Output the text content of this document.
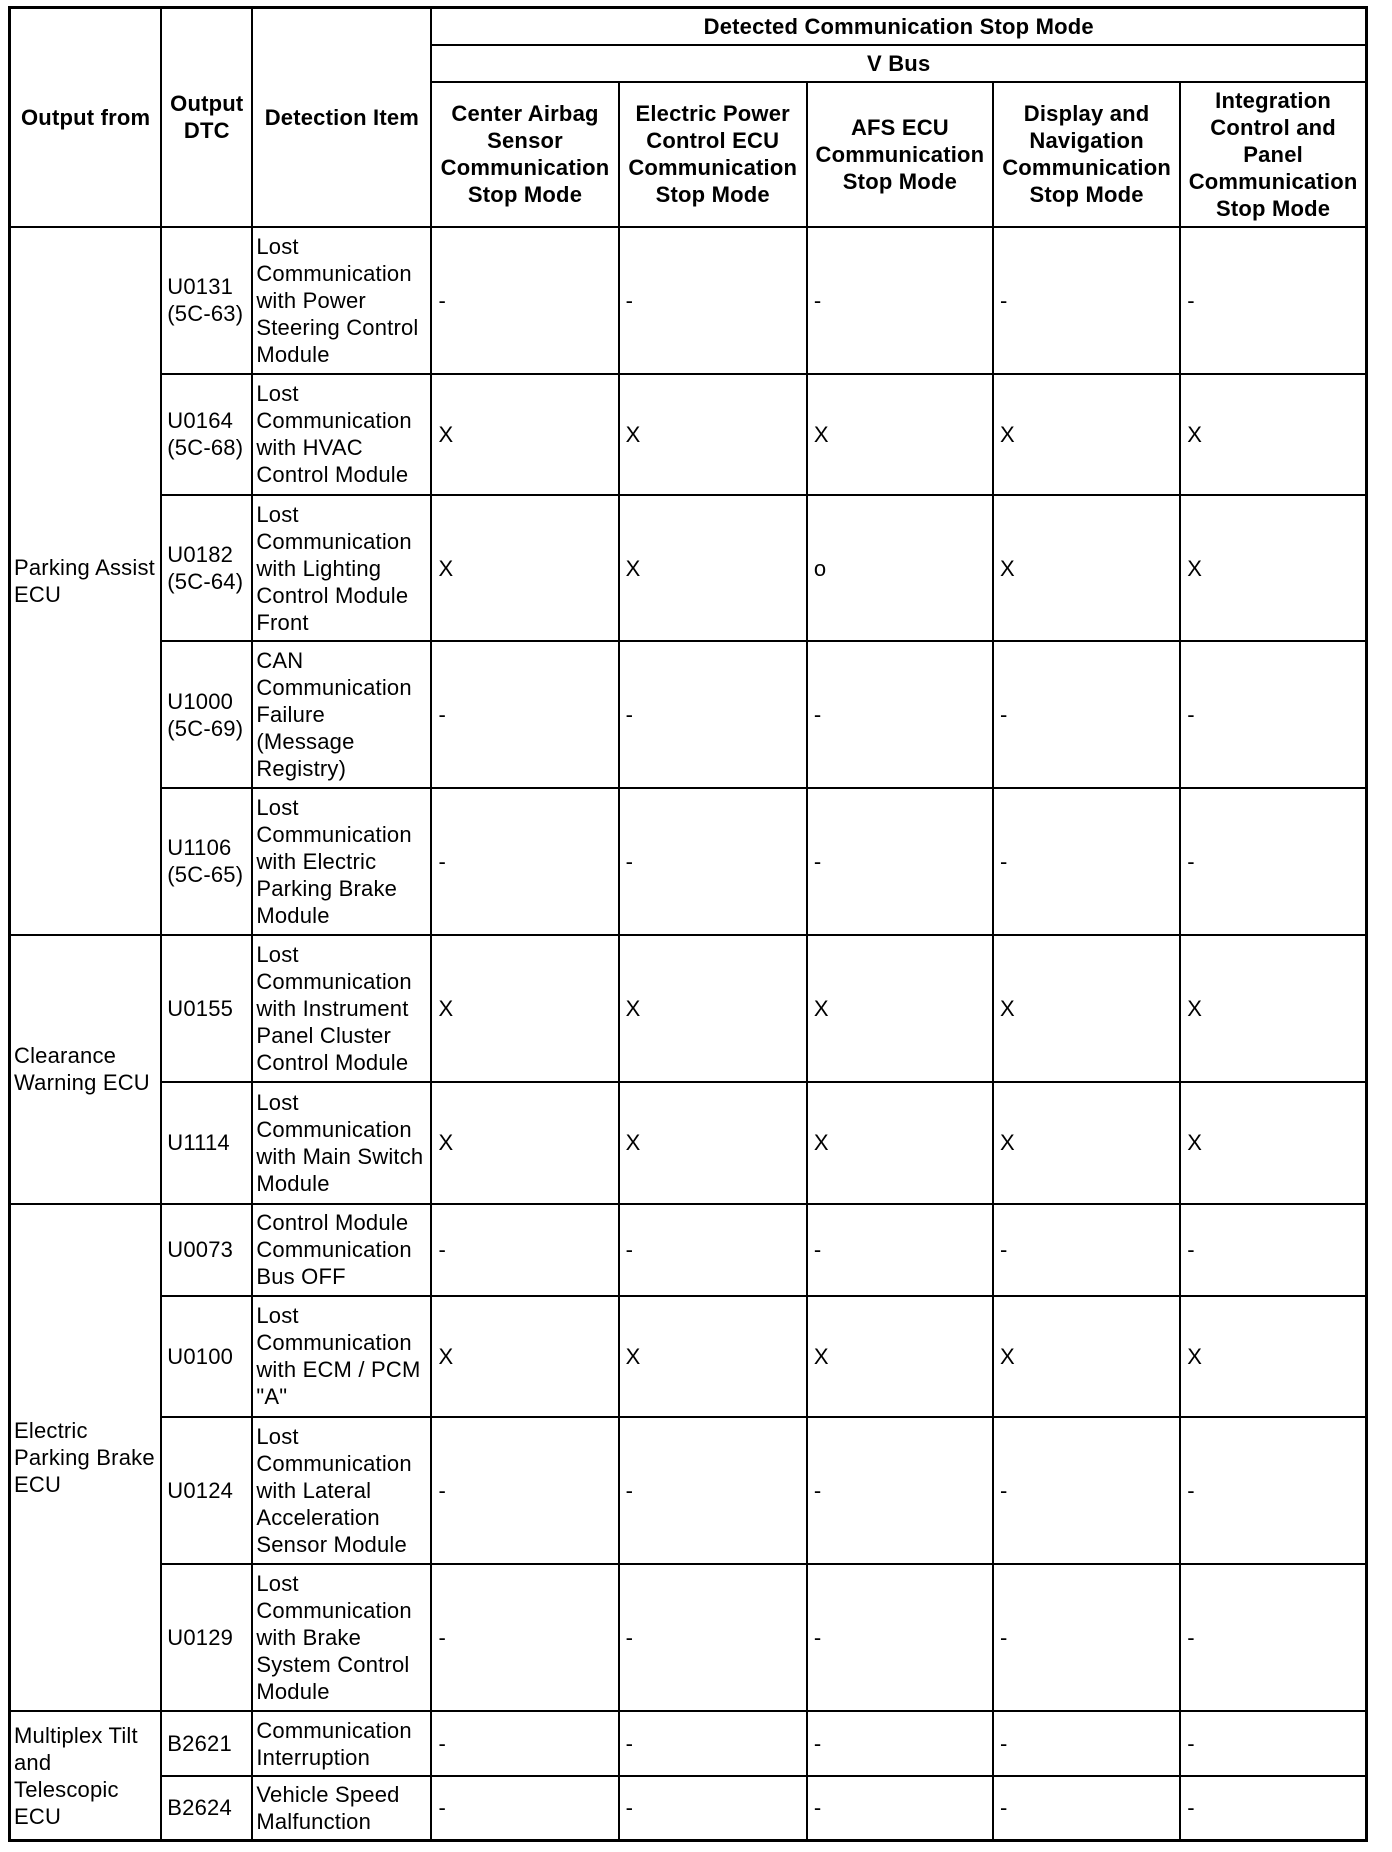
Output from	Output DTC	Detection Item	Detected Communication Stop Mode				
			V Bus				
			Center Airbag Sensor Communication Stop Mode	Electric Power Control ECU Communication Stop Mode	AFS ECU Communication Stop Mode	Display and Navigation Communication Stop Mode	Integration Control and Panel Communication Stop Mode
Parking Assist ECU	U0131 (5C-63)	Lost Communication with Power Steering Control Module	-	-	-	-	-
	U0164 (5C-68)	Lost Communication with HVAC Control Module	X	X	X	X	X
	U0182 (5C-64)	Lost Communication with Lighting Control Module Front	X	X	o	X	X
	U1000 (5C-69)	CAN Communication Failure (Message Registry)	-	-	-	-	-
	U1106 (5C-65)	Lost Communication with Electric Parking Brake Module	-	-	-	-	-
Clearance Warning ECU	U0155	Lost Communication with Instrument Panel Cluster Control Module	X	X	X	X	X
	U1114	Lost Communication with Main Switch Module	X	X	X	X	X
Electric Parking Brake ECU	U0073	Control Module Communication Bus OFF	-	-	-	-	-
	U0100	Lost Communication with ECM / PCM "A"	X	X	X	X	X
	U0124	Lost Communication with Lateral Acceleration Sensor Module	-	-	-	-	-
	U0129	Lost Communication with Brake System Control Module	-	-	-	-	-
Multiplex Tilt and Telescopic ECU	B2621	Communication Interruption	-	-	-	-	-
	B2624	Vehicle Speed Malfunction	-	-	-	-	-
